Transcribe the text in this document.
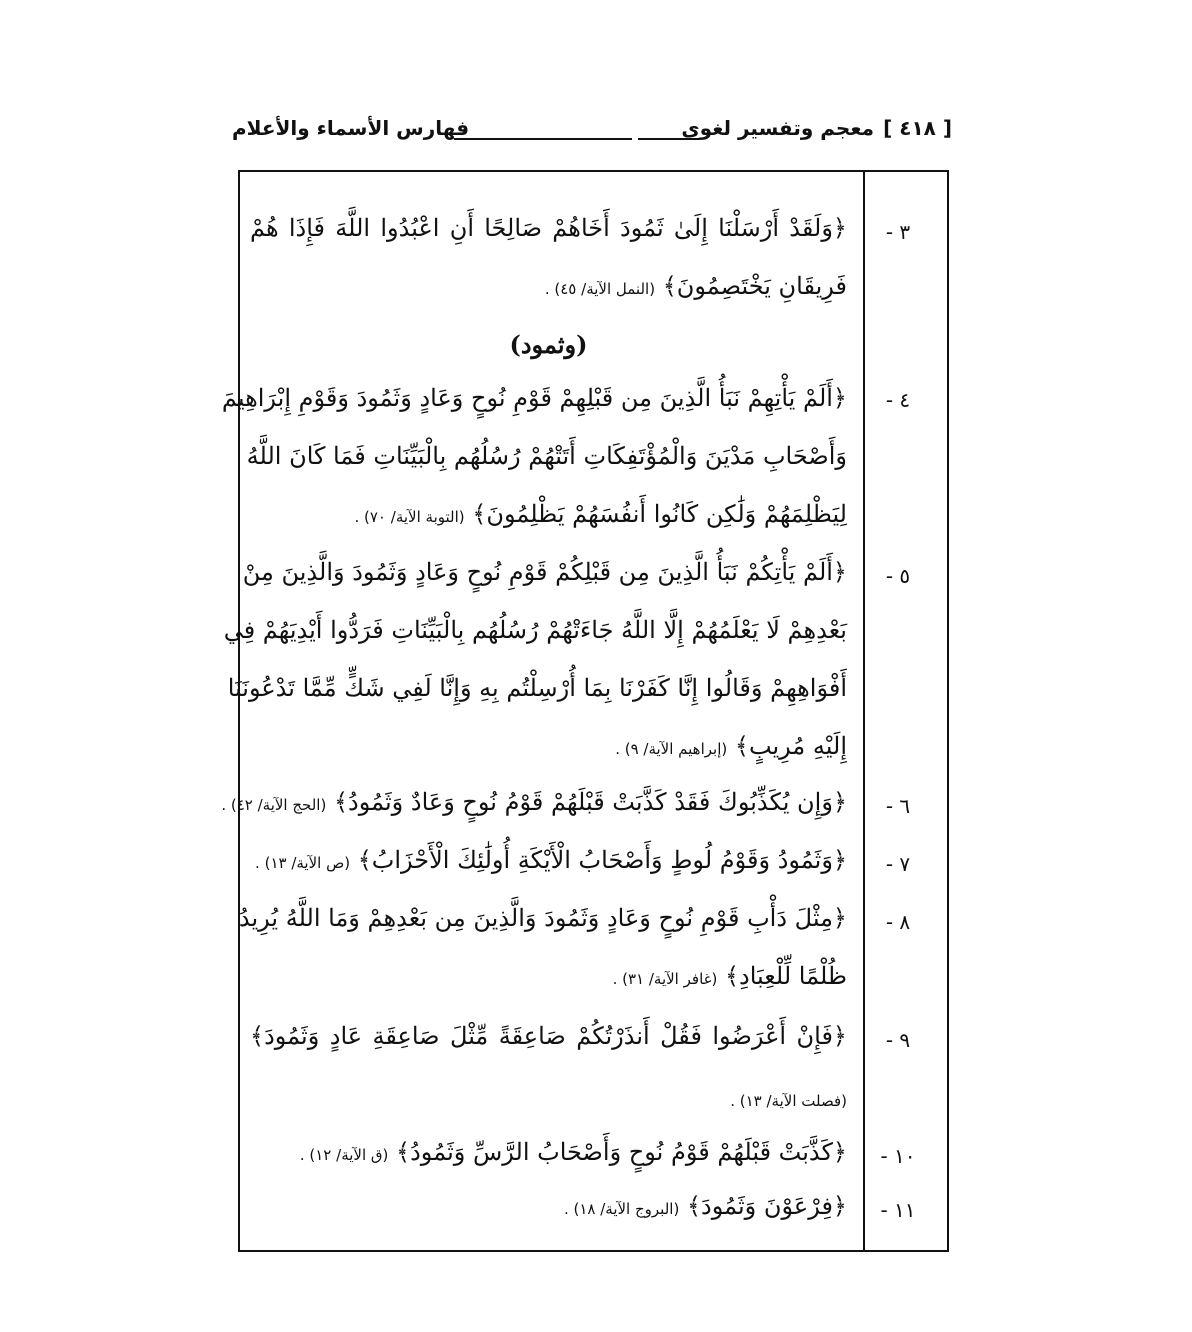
[ ٤١٨ ]
معجم وتفسير لغوي
فهارس الأسماء والأعلام
٣ -
﴿وَلَقَدْ أَرْسَلْنَا إِلَىٰ ثَمُودَ أَخَاهُمْ صَالِحًا أَنِ اعْبُدُوا اللَّهَ فَإِذَا هُمْ
فَرِيقَانِ يَخْتَصِمُونَ﴾ (النمل الآية/ ٤٥) .
(وثمود)
٤ -
﴿أَلَمْ يَأْتِهِمْ نَبَأُ الَّذِينَ مِن قَبْلِهِمْ قَوْمِ نُوحٍ وَعَادٍ وَثَمُودَ وَقَوْمِ إِبْرَاهِيمَ
وَأَصْحَابِ مَدْيَنَ وَالْمُؤْتَفِكَاتِ أَتَتْهُمْ رُسُلُهُم بِالْبَيِّنَاتِ فَمَا كَانَ اللَّهُ
لِيَظْلِمَهُمْ وَلَٰكِن كَانُوا أَنفُسَهُمْ يَظْلِمُونَ﴾ (التوبة الآية/ ٧٠) .
٥ -
﴿أَلَمْ يَأْتِكُمْ نَبَأُ الَّذِينَ مِن قَبْلِكُمْ قَوْمِ نُوحٍ وَعَادٍ وَثَمُودَ وَالَّذِينَ مِنْ
بَعْدِهِمْ لَا يَعْلَمُهُمْ إِلَّا اللَّهُ جَاءَتْهُمْ رُسُلُهُم بِالْبَيِّنَاتِ فَرَدُّوا أَيْدِيَهُمْ فِي
أَفْوَاهِهِمْ وَقَالُوا إِنَّا كَفَرْنَا بِمَا أُرْسِلْتُم بِهِ وَإِنَّا لَفِي شَكٍّ مِّمَّا تَدْعُونَنَا
إِلَيْهِ مُرِيبٍ﴾ (إبراهيم الآية/ ٩) .
٦ -
﴿وَإِن يُكَذِّبُوكَ فَقَدْ كَذَّبَتْ قَبْلَهُمْ قَوْمُ نُوحٍ وَعَادٌ وَثَمُودُ﴾ (الحج الآية/ ٤٢) .
٧ -
﴿وَثَمُودُ وَقَوْمُ لُوطٍ وَأَصْحَابُ الْأَيْكَةِ أُولَٰئِكَ الْأَحْزَابُ﴾ (ص الآية/ ١٣) .
٨ -
﴿مِثْلَ دَأْبِ قَوْمِ نُوحٍ وَعَادٍ وَثَمُودَ وَالَّذِينَ مِن بَعْدِهِمْ وَمَا اللَّهُ يُرِيدُ
ظُلْمًا لِّلْعِبَادِ﴾ (غافر الآية/ ٣١) .
٩ -
﴿فَإِنْ أَعْرَضُوا فَقُلْ أَنذَرْتُكُمْ صَاعِقَةً مِّثْلَ صَاعِقَةِ عَادٍ وَثَمُودَ﴾
(فصلت الآية/ ١٣) .
١٠ -
﴿كَذَّبَتْ قَبْلَهُمْ قَوْمُ نُوحٍ وَأَصْحَابُ الرَّسِّ وَثَمُودُ﴾ (ق الآية/ ١٢) .
١١ -
﴿فِرْعَوْنَ وَثَمُودَ﴾ (البروج الآية/ ١٨) .
